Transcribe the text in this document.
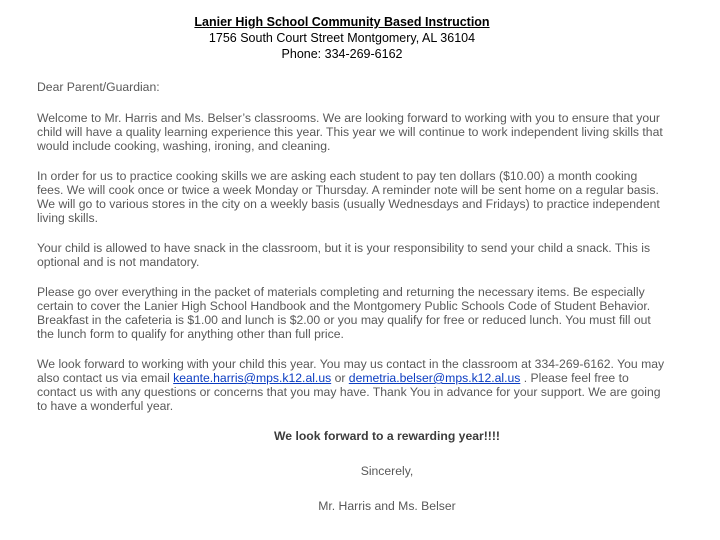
Lanier High School Community Based Instruction
1756 South Court Street Montgomery, AL 36104
Phone: 334-269-6162

Dear Parent/Guardian:

Welcome to Mr. Harris and Ms. Belser’s classrooms. We are looking forward to working with you to ensure that your child will have a quality learning experience this year. This year we will continue to work independent living skills that would include cooking, washing, ironing, and cleaning.

In order for us to practice cooking skills we are asking each student to pay ten dollars ($10.00) a month cooking fees. We will cook once or twice a week Monday or Thursday. A reminder note will be sent home on a regular basis. We will go to various stores in the city on a weekly basis (usually Wednesdays and Fridays) to practice independent living skills.

Your child is allowed to have snack in the classroom, but it is your responsibility to send your child a snack. This is optional and is not mandatory.

Please go over everything in the packet of materials completing and returning the necessary items. Be especially certain to cover the Lanier High School Handbook and the Montgomery Public Schools Code of Student Behavior. Breakfast in the cafeteria is $1.00 and lunch is $2.00 or you may qualify for free or reduced lunch. You must fill out the lunch form to qualify for anything other than full price.

We look forward to working with your child this year. You may us contact in the classroom at 334-269-6162. You may also contact us via email keante.harris@mps.k12.al.us or demetria.belser@mps.k12.al.us . Please feel free to contact us with any questions or concerns that you may have. Thank You in advance for your support. We are going to have a wonderful year.

We look forward to a rewarding year!!!!

Sincerely,

Mr. Harris and Ms. Belser
